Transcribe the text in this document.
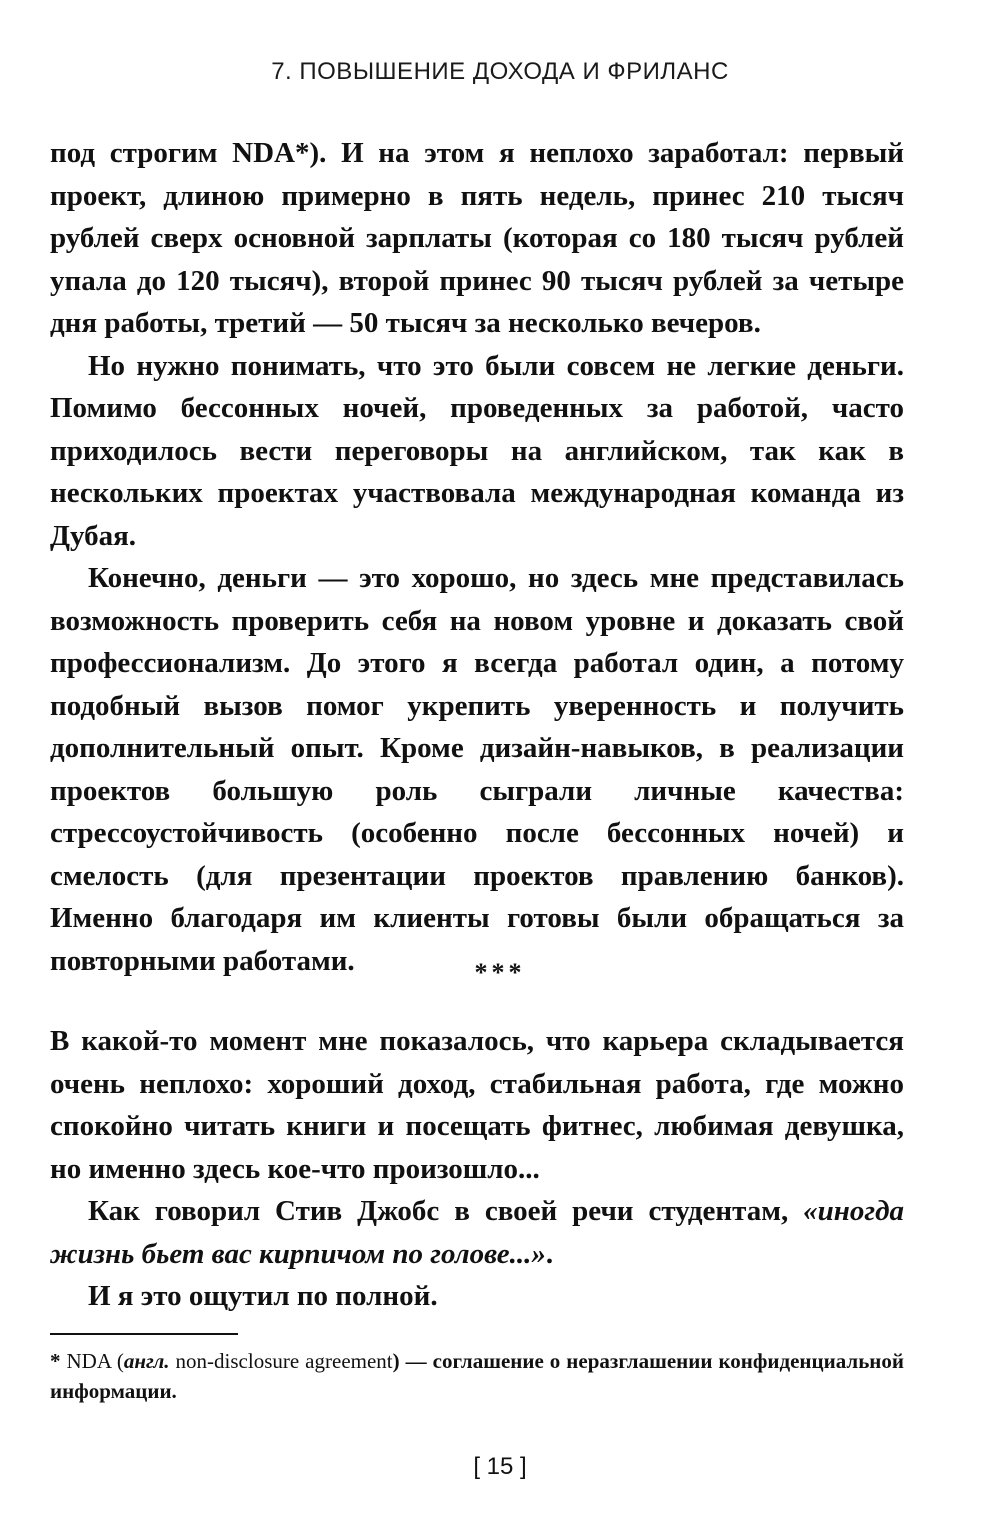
7. ПОВЫШЕНИЕ ДОХОДА И ФРИЛАНС

под строгим NDA*). И на этом я неплохо заработал: первый проект, длиною примерно в пять недель, принес 210 тысяч рублей сверх основной зарплаты (которая со 180 тысяч рублей упала до 120 тысяч), второй принес 90 тысяч рублей за четыре дня работы, третий — 50 тысяч за несколько вечеров.

Но нужно понимать, что это были совсем не легкие деньги. Помимо бессонных ночей, проведенных за работой, часто приходилось вести переговоры на английском, так как в нескольких проектах участвовала международная команда из Дубая.

Конечно, деньги — это хорошо, но здесь мне представилась возможность проверить себя на новом уровне и доказать свой профессионализм. До этого я всегда работал один, а потому подобный вызов помог укрепить уверенность и получить дополнительный опыт. Кроме дизайн-навыков, в реализации проектов большую роль сыграли личные качества: стрессоустойчивость (особенно после бессонных ночей) и смелость (для презентации проектов правлению банков). Именно благодаря им клиенты готовы были обращаться за повторными работами.	***

В какой-то момент мне показалось, что карьера складывается очень неплохо: хороший доход, стабильная работа, где можно спокойно читать книги и посещать фитнес, любимая девушка, но именно здесь кое-что произошло...

Как говорил Стив Джобс в своей речи студентам, «иногда жизнь бьет вас кирпичом по голове...».

И я это ощутил по полной.

* NDA (англ. non-disclosure agreement) — соглашение о неразглашении конфиденциальной информации.
[ 15 ]
